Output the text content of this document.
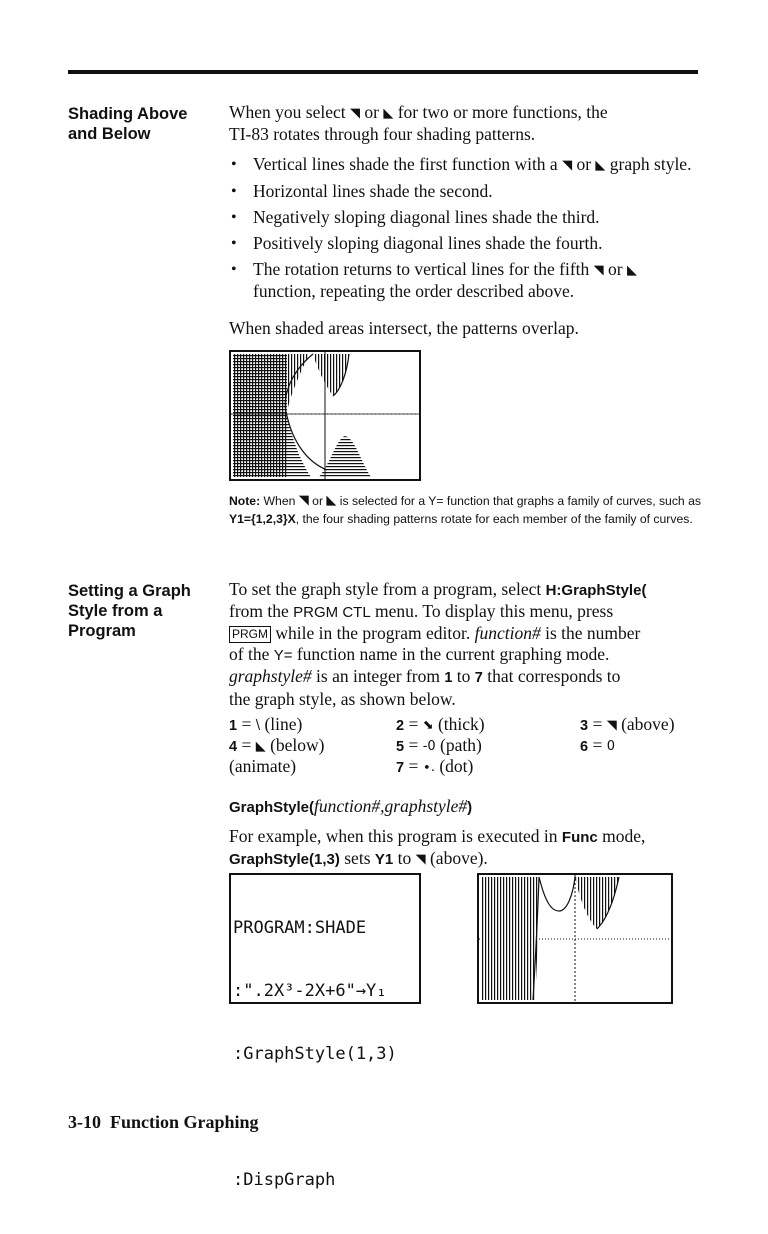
Shading Above
and Below
When you select ◥ or ◣ for two or more functions, the
TI-83 rotates through four shading patterns.
• Vertical lines shade the first function with a ◥ or ◣ graph style.
• Horizontal lines shade the second.
• Negatively sloping diagonal lines shade the third.
• Positively sloping diagonal lines shade the fourth.
• The rotation returns to vertical lines for the fifth ◥ or ◣ function, repeating the order described above.
When shaded areas intersect, the patterns overlap.
Note: When ◥ or ◣ is selected for a Y= function that graphs a family of curves, such as Y1={1,2,3}X, the four shading patterns rotate for each member of the family of curves.
Setting a Graph
Style from a
Program
To set the graph style from a program, select H:GraphStyle(
from the PRGM CTL menu. To display this menu, press
PRGM while in the program editor. function# is the number
of the Y= function name in the current graphing mode.
graphstyle# is an integer from 1 to 7 that corresponds to
the graph style, as shown below.
1 = \ (line)	2 = ⬊ (thick)	3 = ◥ (above)
4 = ◣ (below)	5 = -0 (path)	6 = 0
(animate)	7 = ∙. (dot)
GraphStyle(function#,graphstyle#)
For example, when this program is executed in Func mode,
GraphStyle(1,3) sets Y1 to ◥ (above).

PROGRAM:SHADE

:".2X³-2X+6"→Y₁

:GraphStyle(1,3)

:DispGraph

3-10 Function Graphing
